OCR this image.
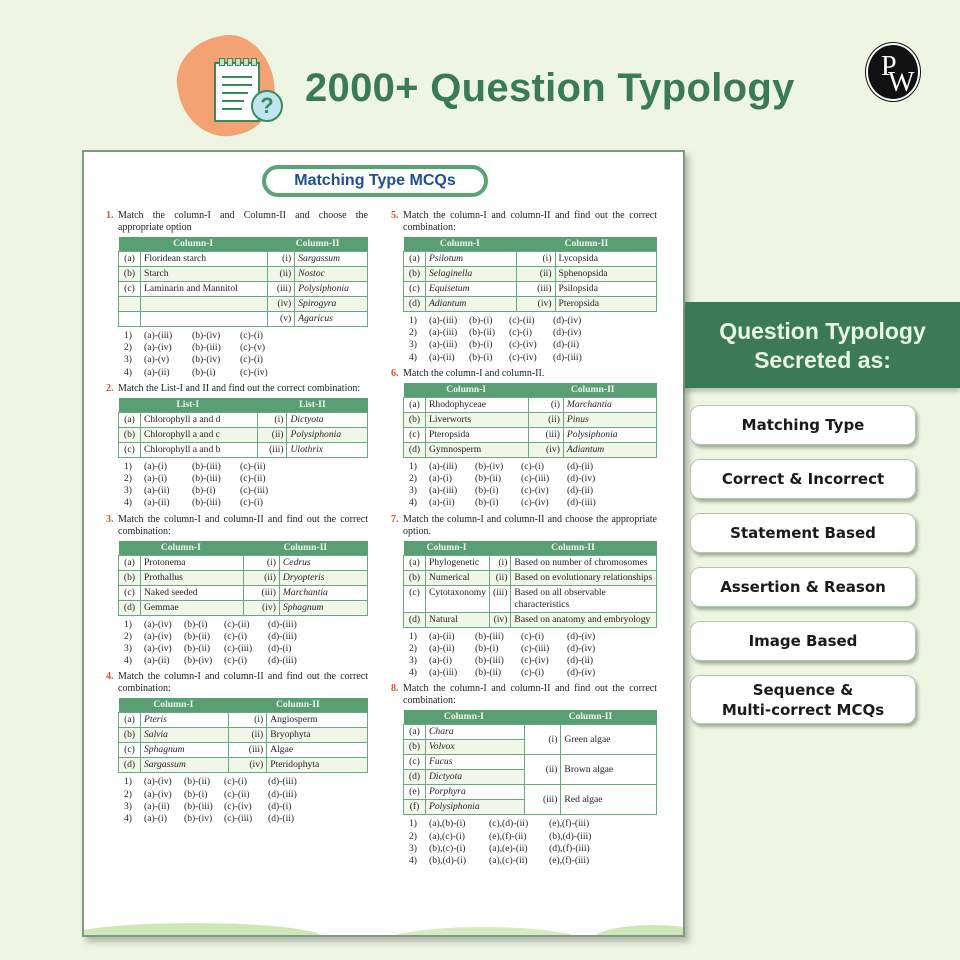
? 2000+ Question Typology	P
W
Matching Type MCQs
1. Match the column-I and Column-II and choose the appropriate option
Column-I		Column-II	
(a)	Floridean starch	(i)	Sargassum
(b)	Starch	(ii)	Nostoc
(c)	Laminarin and Mannitol	(iii)	Polysiphonia
		(iv)	Spirogyra
		(v)	Agaricus
1)	(a)-(iii)	(b)-(iv)	(c)-(i)
2)	(a)-(iv)	(b)-(iii)	(c)-(v)
3)	(a)-(v)	(b)-(iv)	(c)-(i)
4)	(a)-(ii)	(b)-(i)	(c)-(iv)
2. Match the List-I and II and find out the correct combination:
List-I		List-II	
(a)	Chlorophyll a and d	(i)	Dictyota
(b)	Chlorophyll a and c	(ii)	Polysiphonia
(c)	Chlorophyll a and b	(iii)	Ulothrix
1)	(a)-(i)	(b)-(iii)	(c)-(ii)
2)	(a)-(i)	(b)-(iii)	(c)-(ii)
3)	(a)-(ii)	(b)-(i)	(c)-(iii)
4)	(a)-(ii)	(b)-(iii)	(c)-(i)
3. Match the column-I and column-II and find out the correct combination:
Column-I		Column-II	
(a)	Protonema	(i)	Cedrus
(b)	Prothallus	(ii)	Dryopteris
(c)	Naked seeded	(iii)	Marchantia
(d)	Gemmae	(iv)	Sphagnum
1)	(a)-(iv)	(b)-(i)	(c)-(ii)	(d)-(iii)
2)	(a)-(iv)	(b)-(ii)	(c)-(i)	(d)-(iii)
3)	(a)-(iv)	(b)-(ii)	(c)-(iii)	(d)-(i)
4)	(a)-(ii)	(b)-(iv)	(c)-(i)	(d)-(iii)
4. Match the column-I and column-II and find out the correct combination:
Column-I		Column-II	
(a)	Pteris	(i)	Angiosperm
(b)	Salvia	(ii)	Bryophyta
(c)	Sphagnum	(iii)	Algae
(d)	Sargassum	(iv)	Pteridophyta
1)	(a)-(iv)	(b)-(ii)	(c)-(i)	(d)-(iii)
2)	(a)-(iv)	(b)-(i)	(c)-(ii)	(d)-(iii)
3)	(a)-(ii)	(b)-(iii)	(c)-(iv)	(d)-(i)
4)	(a)-(i)	(b)-(iv)	(c)-(iii)	(d)-(ii)
5. Match the column-I and column-II and find out the correct combination:
Column-I		Column-II	
(a)	Psilotum	(i)	Lycopsida
(b)	Selaginella	(ii)	Sphenopsida
(c)	Equisetum	(iii)	Psilopsida
(d)	Adiantum	(iv)	Pteropsida
1)	(a)-(iii)	(b)-(i)	(c)-(ii)	(d)-(iv)
2)	(a)-(iii)	(b)-(ii)	(c)-(i)	(d)-(iv)
3)	(a)-(iii)	(b)-(i)	(c)-(iv)	(d)-(ii)
4)	(a)-(ii)	(b)-(i)	(c)-(iv)	(d)-(iii)
6. Match the column-I and column-II.
Column-I		Column-II	
(a)	Rhodophyceae	(i)	Marchantia
(b)	Liverworts	(ii)	Pinus
(c)	Pteropsida	(iii)	Polysiphonia
(d)	Gymnosperm	(iv)	Adiantum
1)	(a)-(iii)	(b)-(iv)	(c)-(i)	(d)-(ii)
2)	(a)-(i)	(b)-(ii)	(c)-(iii)	(d)-(iv)
3)	(a)-(iii)	(b)-(i)	(c)-(iv)	(d)-(ii)
4)	(a)-(ii)	(b)-(i)	(c)-(iv)	(d)-(iii)
7. Match the column-I and column-II and choose the appropriate option.
Column-I		Column-II	
(a)	Phylogenetic	(i)	Based on number of chromosomes
(b)	Numerical	(ii)	Based on evolutionary relationships
(c)	Cytotaxonomy	(iii)	Based on all observable characteristics
(d)	Natural	(iv)	Based on anatomy and embryology
1)	(a)-(ii)	(b)-(iii)	(c)-(i)	(d)-(iv)
2)	(a)-(ii)	(b)-(i)	(c)-(iii)	(d)-(iv)
3)	(a)-(i)	(b)-(iii)	(c)-(iv)	(d)-(ii)
4)	(a)-(iii)	(b)-(ii)	(c)-(i)	(d)-(iv)
8. Match the column-I and column-II and find out the correct combination:
Column-I		Column-II	
(a)	Chara	(i)	Green algae
(b)	Volvox		
(c)	Fucus	(ii)	Brown algae
(d)	Dictyota		
(e)	Porphyra	(iii)	Red algae
(f)	Polysiphonia		
1)	(a),(b)-(i)	(c),(d)-(ii)	(e),(f)-(iii)
2)	(a),(c)-(i)	(e),(f)-(ii)	(b),(d)-(iii)
3)	(b),(c)-(i)	(a),(e)-(ii)	(d),(f)-(iii)
4)	(b),(d)-(i)	(a),(c)-(ii)	(e),(f)-(iii)
Question Typology
Secreted as:
Matching Type
Correct & Incorrect
Statement Based
Assertion & Reason
Image Based
Sequence &
Multi-correct MCQs
